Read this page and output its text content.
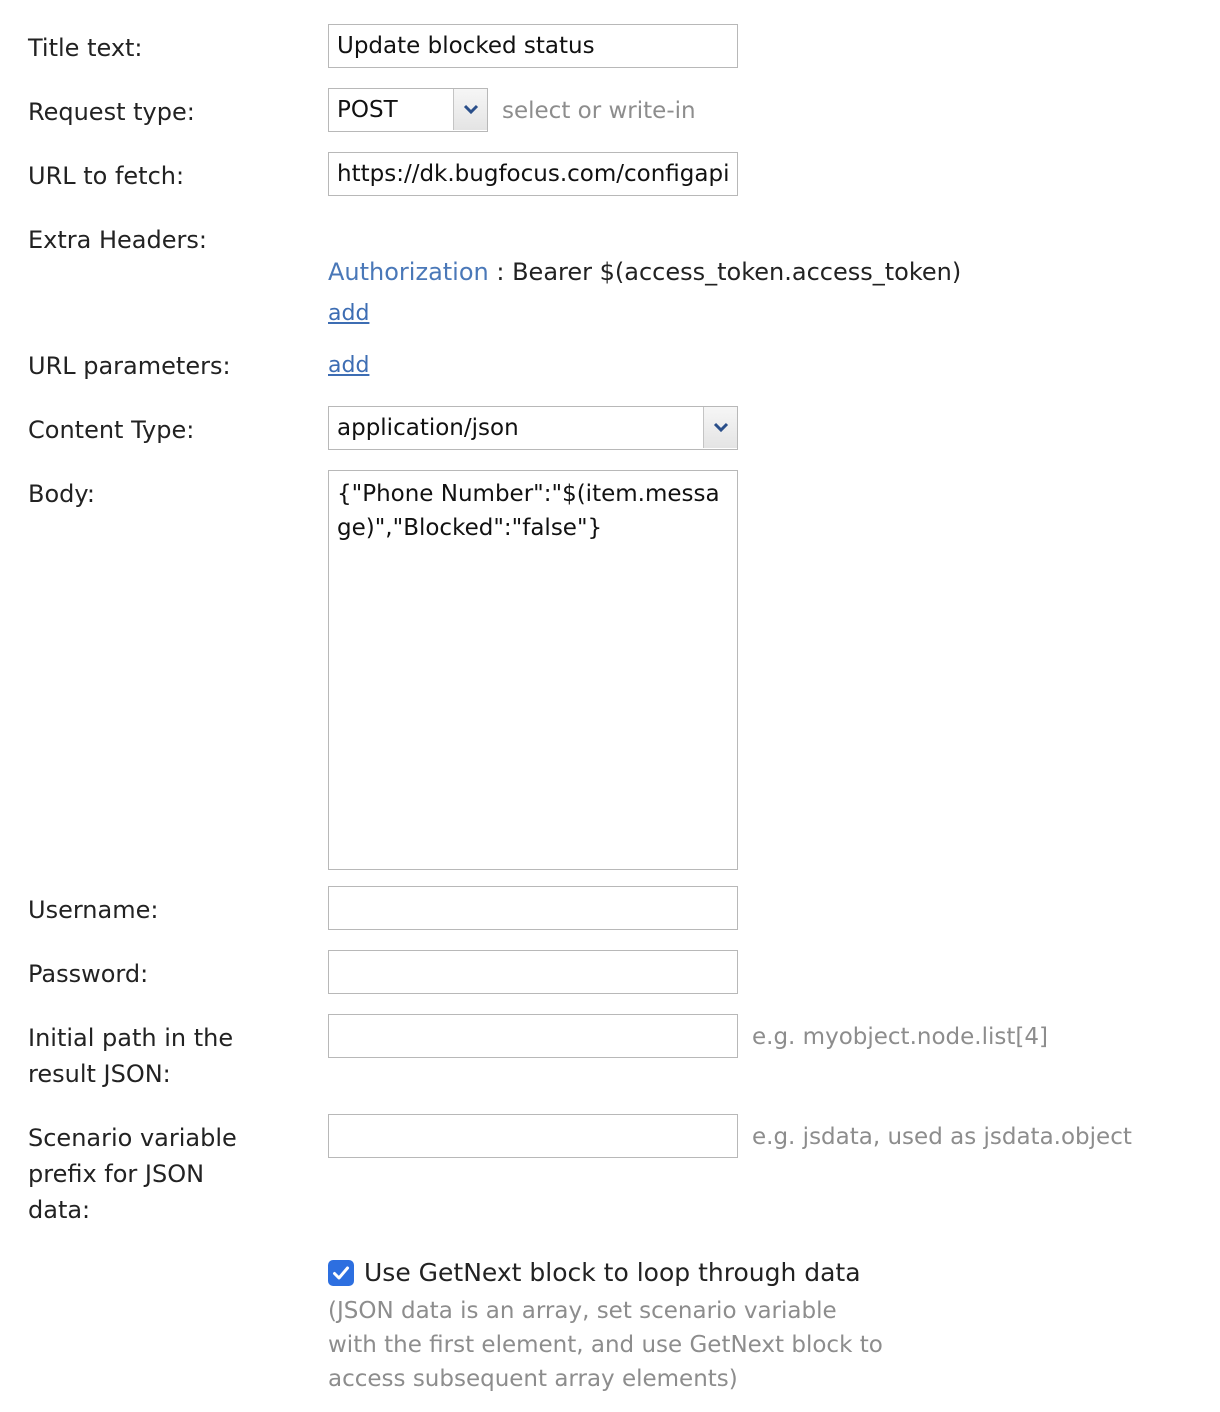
Title text:
Update blocked status
Request type:	POST	select or write-in
URL to fetch:
https://dk.bugfocus.com/configapi
Extra Headers:
Authorization : Bearer $(access_token.access_token)
add
URL parameters:	add
Content Type:	application/json
Body:
{"Phone Number":"$(item.message)","Blocked":"false"}
Username:
Password:
Initial path in the result JSON:
e.g. myobject.node.list[4]
Scenario variable prefix for JSON data:
e.g. jsdata, used as jsdata.object
Use GetNext block to loop through data
(JSON data is an array, set scenario variable with the first element, and use GetNext block to access subsequent array elements)
